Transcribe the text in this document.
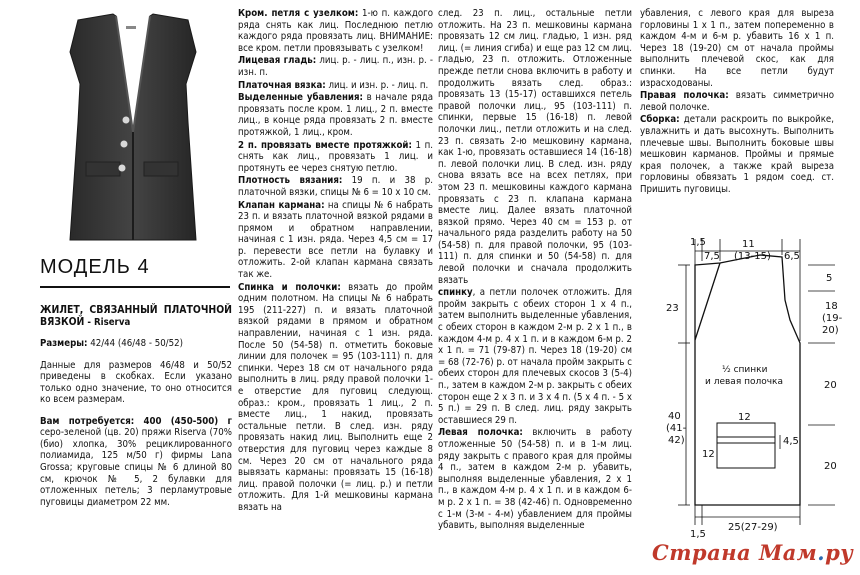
МОДЕЛЬ 4

ЖИЛЕТ, СВЯЗАННЫЙ ПЛАТОЧНОЙ ВЯЗКОЙ - Riserva

Размеры: 42/44 (46/48 - 50/52)

Данные для размеров 46/48 и 50/52 приведены в скобках. Если указано только одно значение, то оно относится ко всем размерам.

Вам потребуется: 400 (450-500) г серо-зеленой (цв. 20) пряжи Riserva (70% (био) хлопка, 30% рециклированного полиамида, 125 м/50 г) фирмы Lana Grossa; круговые спицы № 6 длиной 80 см, крючок № 5, 2 булавки для отложенных петель; 3 перламутровые пуговицы диаметром 22 мм.

Кром. петля с узелком: 1-ю п. каждого ряда снять как лиц. Последнюю петлю каждого ряда провязать лиц. ВНИМАНИЕ: все кром. петли провязывать с узелком!

Лицевая гладь: лиц. р. - лиц. п., изн. р. - изн. п.

Платочная вязка: лиц. и изн. р. - лиц. п.

Выделенные убавления: в начале ряда провязать после кром. 1 лиц., 2 п. вместе лиц., в конце ряда провязать 2 п. вместе протяжкой, 1 лиц., кром.

2 п. провязать вместе протяжкой: 1 п. снять как лиц., провязать 1 лиц. и протянуть ее через снятую петлю.

Плотность вязания: 19 п. и 38 р. платочной вязки, спицы № 6 = 10 х 10 см.

Клапан кармана: на спицы № 6 набрать 23 п. и вязать платочной вязкой рядами в прямом и обратном направлении, начиная с 1 изн. ряда. Через 4,5 см = 17 р. перевести все петли на булавку и отложить. 2-ой клапан кармана связать так же.

Спинка и полочки: вязать до пройм одним полотном. На спицы № 6 набрать 195 (211-227) п. и вязать платочной вязкой рядами в прямом и обратном направлении, начиная с 1 изн. ряда. После 50 (54-58) п. отметить боковые линии для полочек = 95 (103-111) п. для спинки. Через 18 см от начального ряда выполнить в лиц. ряду правой полочки 1-е отверстие для пуговиц следующ. образ.: кром., провязать 1 лиц., 2 п. вместе лиц., 1 накид, провязать остальные петли. В след. изн. ряду провязать накид лиц. Выполнить еще 2 отверстия для пуговиц через каждые 8 см. Через 20 см от начального ряда вывязать карманы: провязать 15 (16-18) лиц. правой полочки (= лиц. р.) и петли отложить. Для 1-й мешковины кармана вязать на

след. 23 п. лиц., остальные петли отложить. На 23 п. мешковины кармана провязать 12 см лиц. гладью, 1 изн. ряд лиц. (= линия сгиба) и еще раз 12 см лиц. гладью, 23 п. отложить. Отложенные прежде петли снова включить в работу и продолжить вязать след. образ.: провязать 13 (15-17) оставшихся петель правой полочки лиц., 95 (103-111) п. спинки, первые 15 (16-18) п. левой полочки лиц., петли отложить и на след. 23 п. связать 2-ю мешковину кармана, как 1-ю, провязать оставшиеся 14 (16-18) п. левой полочки лиц. В след. изн. ряду снова вязать все на всех петлях, при этом 23 п. мешковины каждого кармана провязать с 23 п. клапана кармана вместе лиц. Далее вязать платочной вязкой прямо. Через 40 см = 153 р. от начального ряда разделить работу на 50 (54-58) п. для правой полочки, 95 (103-111) п. для спинки и 50 (54-58) п. для левой полочки и сначала продолжить вязать

спинку, а петли полочек отложить. Для пройм закрыть с обеих сторон 1 х 4 п., затем выполнить выделенные убавления, с обеих сторон в каждом 2-м р. 2 х 1 п., в каждом 4-м р. 4 х 1 п. и в каждом 6-м р. 2 х 1 п. = 71 (79-87) п. Через 18 (19-20) см = 68 (72-76) р. от начала пройм закрыть с обеих сторон для плечевых скосов 3 (5-4) п., затем в каждом 2-м р. закрыть с обеих сторон еще 2 х 3 п. и 3 х 4 п. (5 х 4 п. - 5 х 5 п.) = 29 п. В след. лиц. ряду закрыть оставшиеся 29 п.

Левая полочка: включить в работу отложенные 50 (54-58) п. и в 1-м лиц. ряду закрыть с правого края для проймы 4 п., затем в каждом 2-м р. убавить, выполняя выделенные убавления, 2 х 1 п., в каждом 4-м р. 4 х 1 п. и в каждом 6-м р. 2 х 1 п. = 38 (42-46) п. Одновременно с 1-м (3-м - 4-м) убавлением для проймы убавить, выполняя выделенные

убавления, с левого края для выреза горловины 1 х 1 п., затем попеременно в каждом 4-м и 6-м р. убавить 16 х 1 п. Через 18 (19-20) см от начала проймы выполнить плечевой скос, как для спинки. На все петли будут израсходованы.

Правая полочка: вязать симметрично левой полочке.

Сборка: детали раскроить по выкройке, увлажнить и дать высохнуть. Выполнить плечевые швы. Выполнить боковые швы мешковин карманов. Проймы и прямые края полочек, а также край выреза горловины обвязать 1 рядом соед. ст. Пришить пуговицы.

1,5
7,5
11
(13-15) 6,5
5
18
(19-
20)
20
20
23
40
(41-
42)
½ спинки
и левая полочка
12
12
4,5
1,5
25(27-29)
Страна Мам.ру
